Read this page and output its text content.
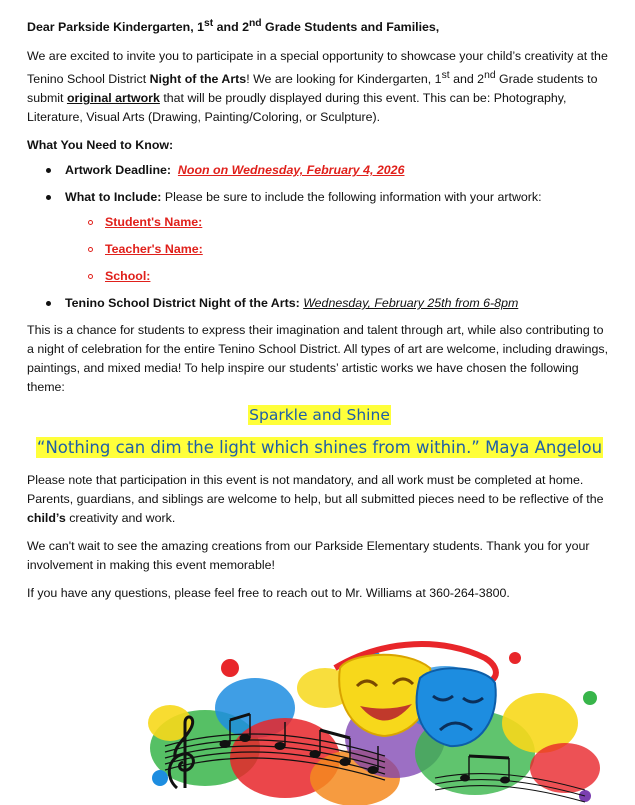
Dear Parkside Kindergarten, 1st and 2nd Grade Students and Families,

We are excited to invite you to participate in a special opportunity to showcase your child’s creativity at the Tenino School District Night of the Arts! We are looking for Kindergarten, 1st and 2nd Grade students to submit original artwork that will be proudly displayed during this event. This can be: Photography, Literature, Visual Arts (Drawing, Painting/Coloring, or Sculpture).

What You Need to Know:

Artwork Deadline: Noon on Wednesday, February 4, 2026
What to Include: Please be sure to include the following information with your artwork:
Student's Name:
Teacher's Name:
School:
Tenino School District Night of the Arts: Wednesday, February 25th from 6-8pm

This is a chance for students to express their imagination and talent through art, while also contributing to a night of celebration for the entire Tenino School District. All types of art are welcome, including drawings, paintings, and mixed media! To help inspire our students’ artistic works we have chosen the following theme:

Sparkle and Shine
“Nothing can dim the light which shines from within.” Maya Angelou

Please note that participation in this event is not mandatory, and all work must be completed at home. Parents, guardians, and siblings are welcome to help, but all submitted pieces need to be reflective of the child’s creativity and work.

We can't wait to see the amazing creations from our Parkside Elementary students. Thank you for your involvement in making this event memorable!

If you have any questions, please feel free to reach out to Mr. Williams at 360-264-3800.
